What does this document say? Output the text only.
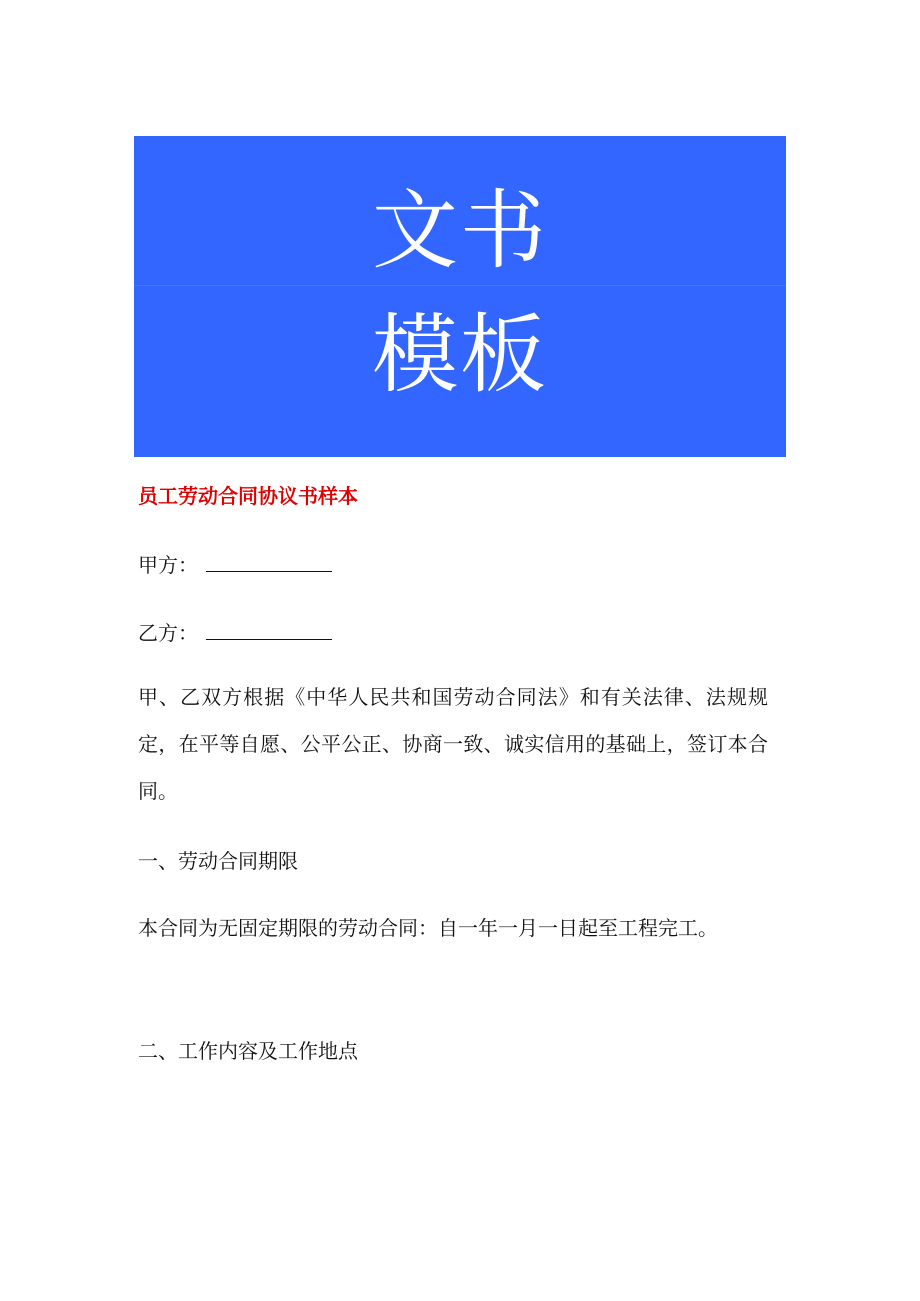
文书
模板
员工劳动合同协议书样本

甲方：

乙方：

甲、乙双方根据《中华人民共和国劳动合同法》和有关法律、法规规定，在平等自愿、公平公正、协商一致、诚实信用的基础上，签订本合同。

一、劳动合同期限

本合同为无固定期限的劳动合同：自一年一月一日起至工程完工。

二、工作内容及工作地点
